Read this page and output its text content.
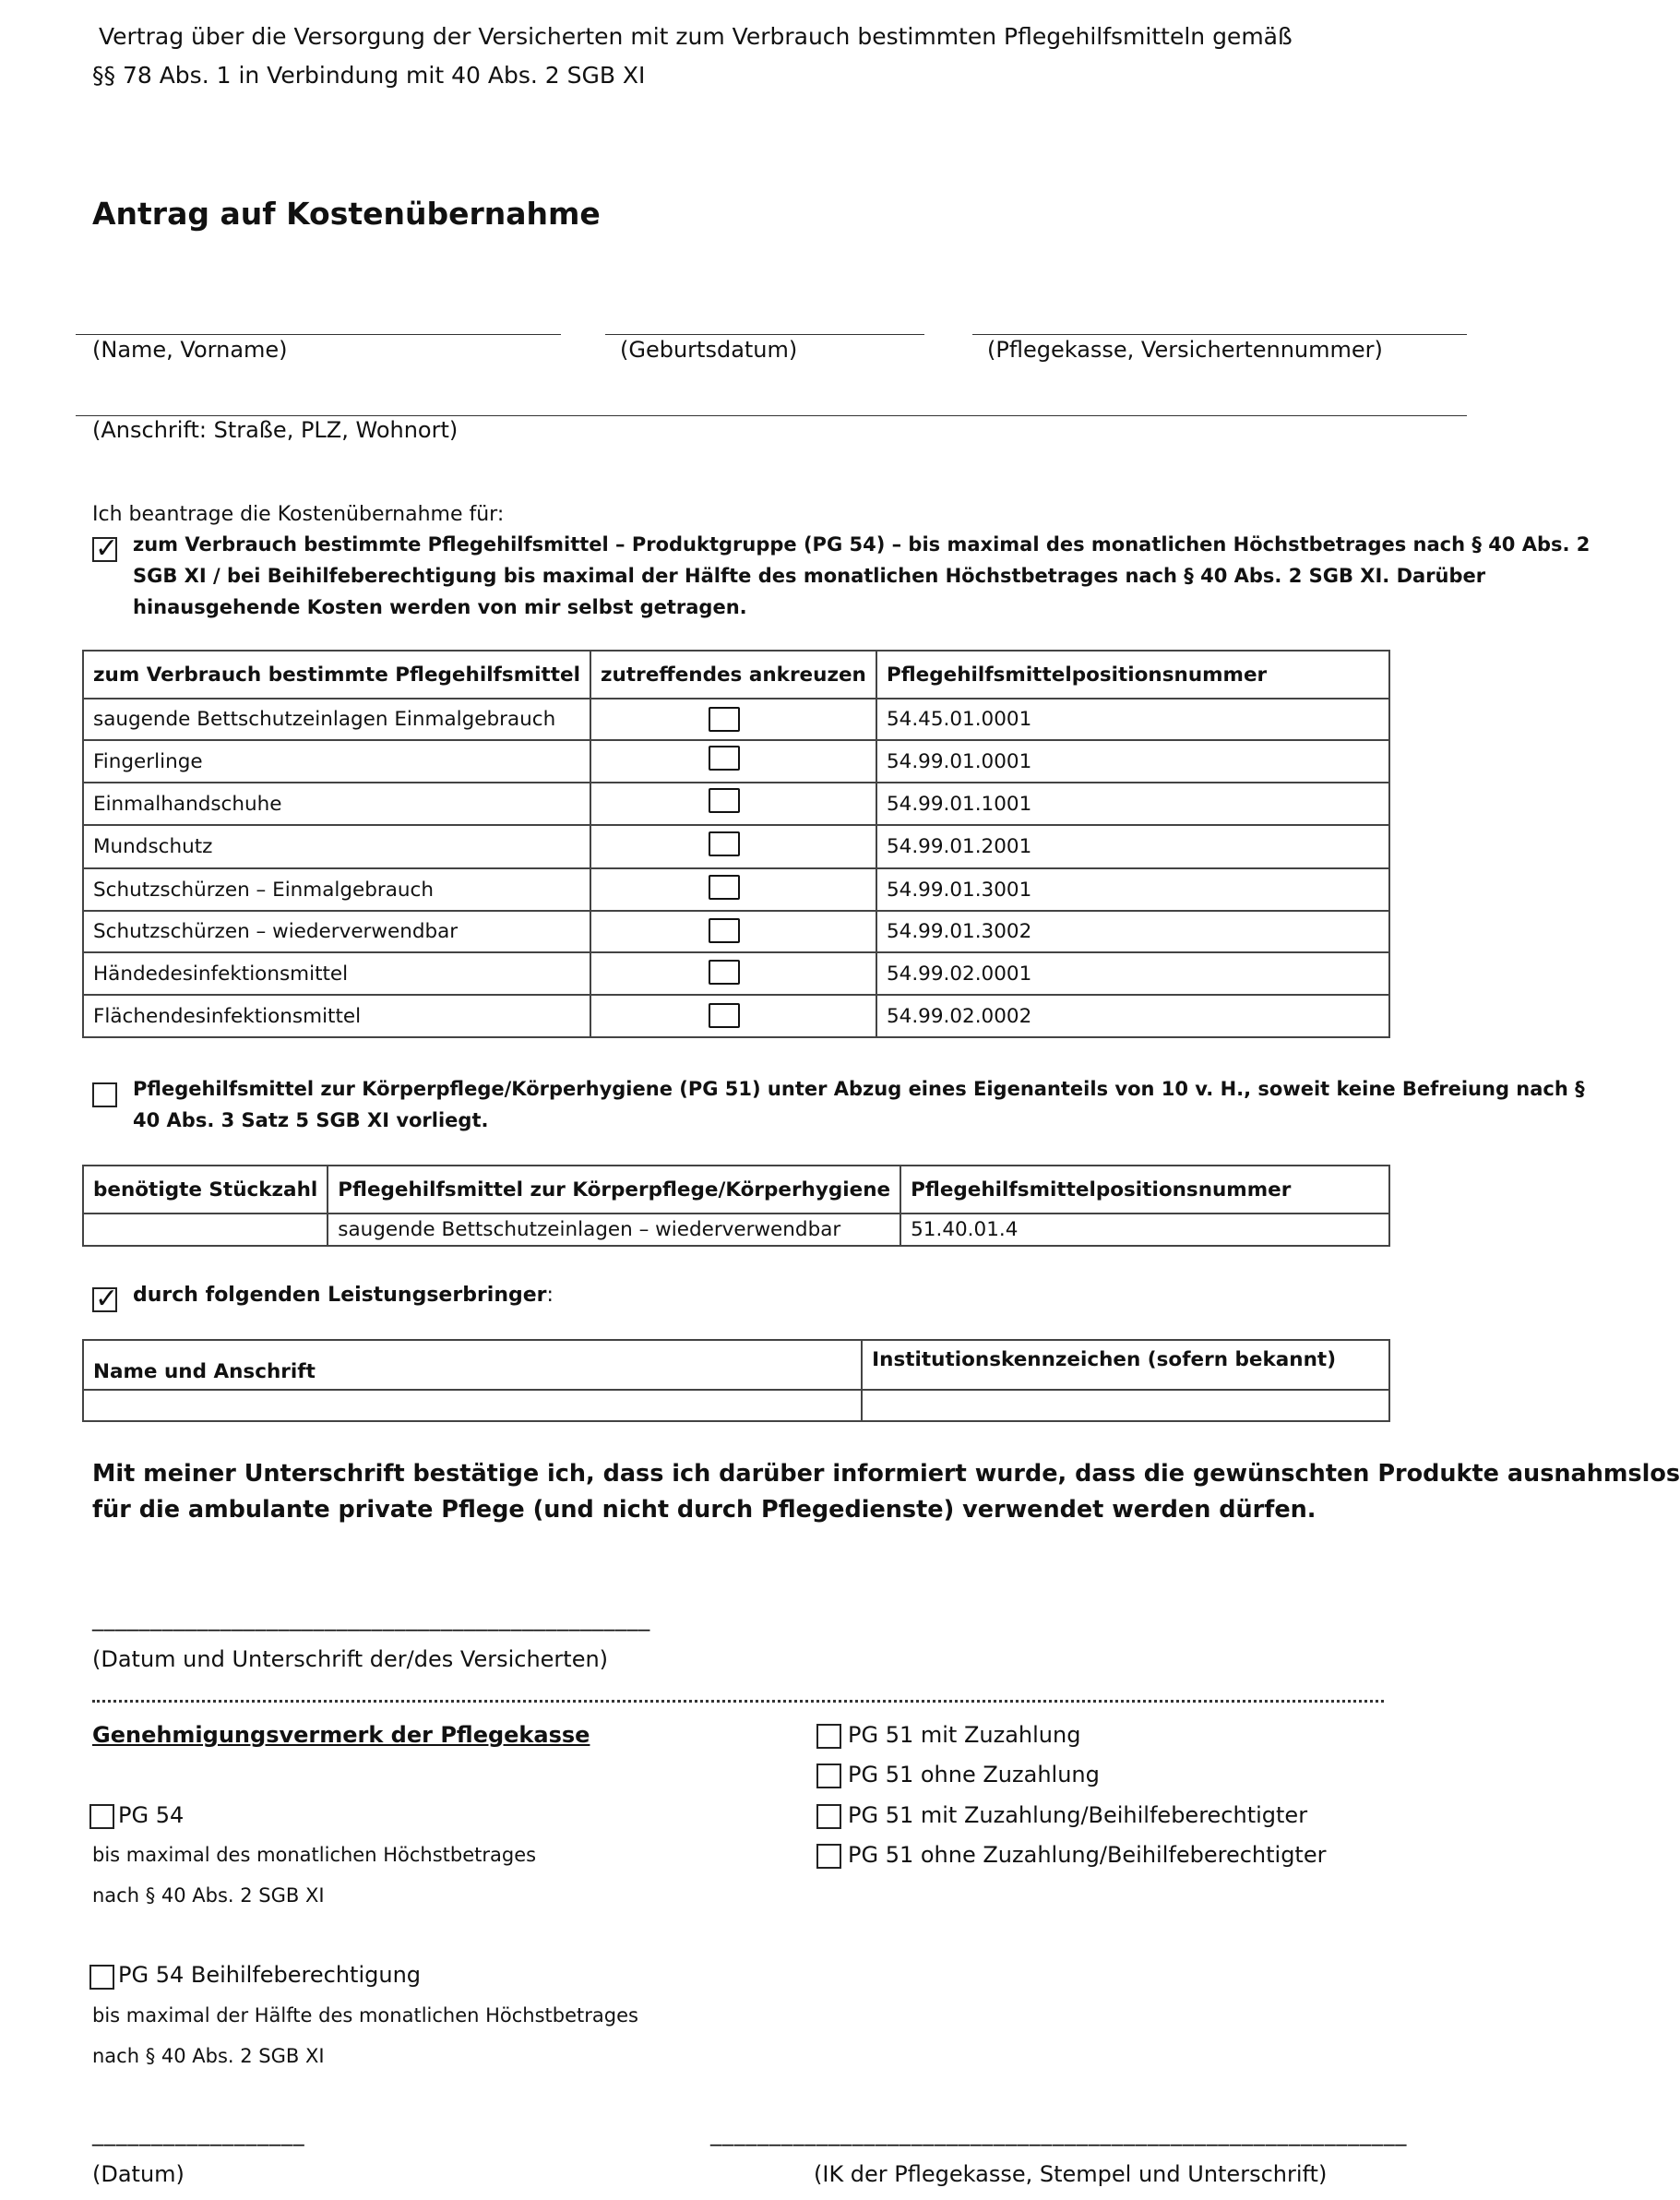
Vertrag über die Versorgung der Versicherten mit zum Verbrauch bestimmten Pflegehilfsmitteln gemäß
§§ 78 Abs. 1 in Verbindung mit 40 Abs. 2 SGB XI
Antrag auf Kostenübernahme
(Name, Vorname)	(Geburtsdatum)	(Pflegekasse, Versichertennummer)
(Anschrift: Straße, PLZ, Wohnort)
Ich beantrage die Kostenübernahme für:
✓ zum Verbrauch bestimmte Pflegehilfsmittel – Produktgruppe (PG 54) – bis maximal des monatlichen Höchstbetrages nach § 40 Abs. 2
SGB XI / bei Beihilfeberechtigung bis maximal der Hälfte des monatlichen Höchstbetrages nach § 40 Abs. 2 SGB XI. Darüber
hinausgehende Kosten werden von mir selbst getragen.
zum Verbrauch bestimmte Pflegehilfsmittel	zutreffendes ankreuzen	Pflegehilfsmittelpositionsnummer
saugende Bettschutzeinlagen Einmalgebrauch		54.45.01.0001
Fingerlinge		54.99.01.0001
Einmalhandschuhe		54.99.01.1001
Mundschutz		54.99.01.2001
Schutzschürzen – Einmalgebrauch		54.99.01.3001
Schutzschürzen – wiederverwendbar		54.99.01.3002
Händedesinfektionsmittel		54.99.02.0001
Flächendesinfektionsmittel		54.99.02.0002
Pflegehilfsmittel zur Körperpflege/Körperhygiene (PG 51) unter Abzug eines Eigenanteils von 10 v. H., soweit keine Befreiung nach §
40 Abs. 3 Satz 5 SGB XI vorliegt.
benötigte Stückzahl	Pflegehilfsmittel zur Körperpflege/Körperhygiene	Pflegehilfsmittelpositionsnummer
	saugende Bettschutzeinlagen – wiederverwendbar	51.40.01.4
✓ durch folgenden Leistungserbringer:
Name und Anschrift	Institutionskennzeichen (sofern bekannt)

Mit meiner Unterschrift bestätige ich, dass ich darüber informiert wurde, dass die gewünschten Produkte ausnahmslos
für die ambulante private Pflege (und nicht durch Pflegedienste) verwendet werden dürfen.
________________________________________________
(Datum und Unterschrift der/des Versicherten)
Genehmigungsvermerk der Pflegekasse
PG 54
bis maximal des monatlichen Höchstbetrages
nach § 40 Abs. 2 SGB XI
PG 54 Beihilfeberechtigung
bis maximal der Hälfte des monatlichen Höchstbetrages
nach § 40 Abs. 2 SGB XI
PG 51 mit Zuzahlung
PG 51 ohne Zuzahlung
PG 51 mit Zuzahlung/Beihilfeberechtigter
PG 51 ohne Zuzahlung/Beihilfeberechtigter
__________________	___________________________________________________________
(Datum)	(IK der Pflegekasse, Stempel und Unterschrift)
